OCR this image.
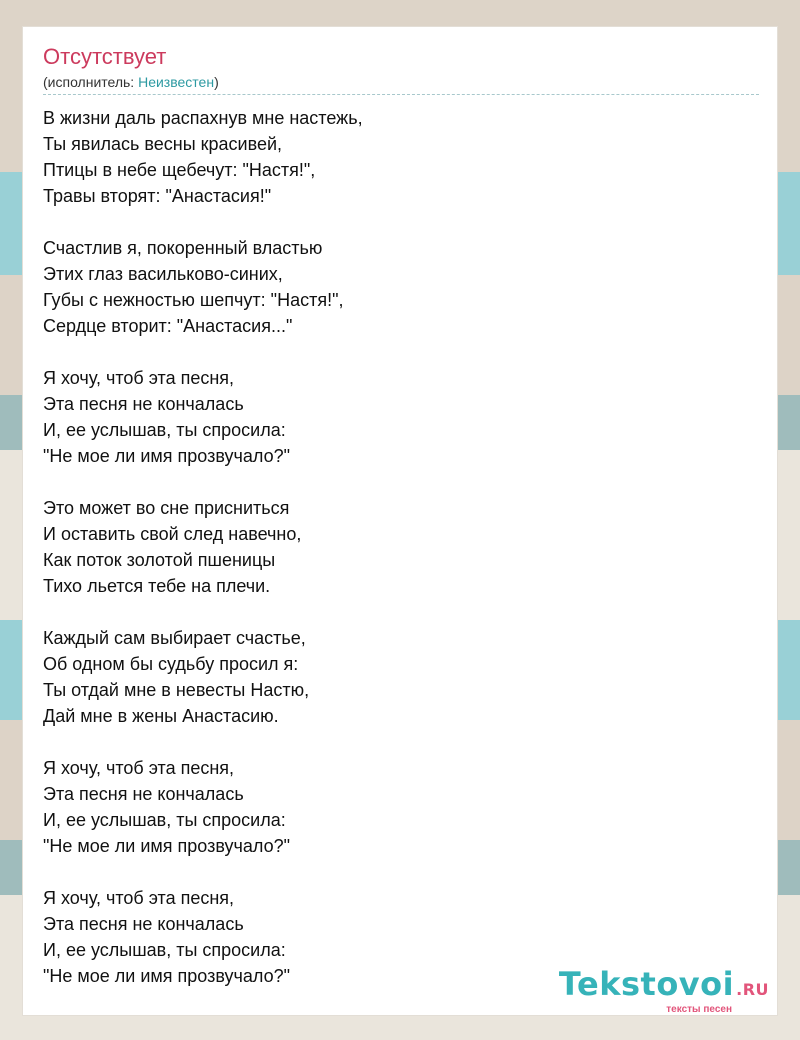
Отсутствует
(исполнитель: Неизвестен)
В жизни даль распахнув мне настежь,
Ты явилась весны красивей,
Птицы в небе щебечут: "Настя!",
Травы вторят: "Анастасия!"
Счастлив я, покоренный властью
Этих глаз васильково-синих,
Губы с нежностью шепчут: "Настя!",
Сердце вторит: "Анастасия..."
Я хочу, чтоб эта песня,
Эта песня не кончалась
И, ее услышав, ты спросила:
"Не мое ли имя прозвучало?"
Это может во сне присниться
И оставить свой след навечно,
Как поток золотой пшеницы
Тихо льется тебе на плечи.
Каждый сам выбирает счастье,
Об одном бы судьбу просил я:
Ты отдай мне в невесты Настю,
Дай мне в жены Анастасию.
Я хочу, чтоб эта песня,
Эта песня не кончалась
И, ее услышав, ты спросила:
"Не мое ли имя прозвучало?"
Я хочу, чтоб эта песня,
Эта песня не кончалась
И, ее услышав, ты спросила:
"Не мое ли имя прозвучало?"	Tekstovoi .RU
тексты песен
